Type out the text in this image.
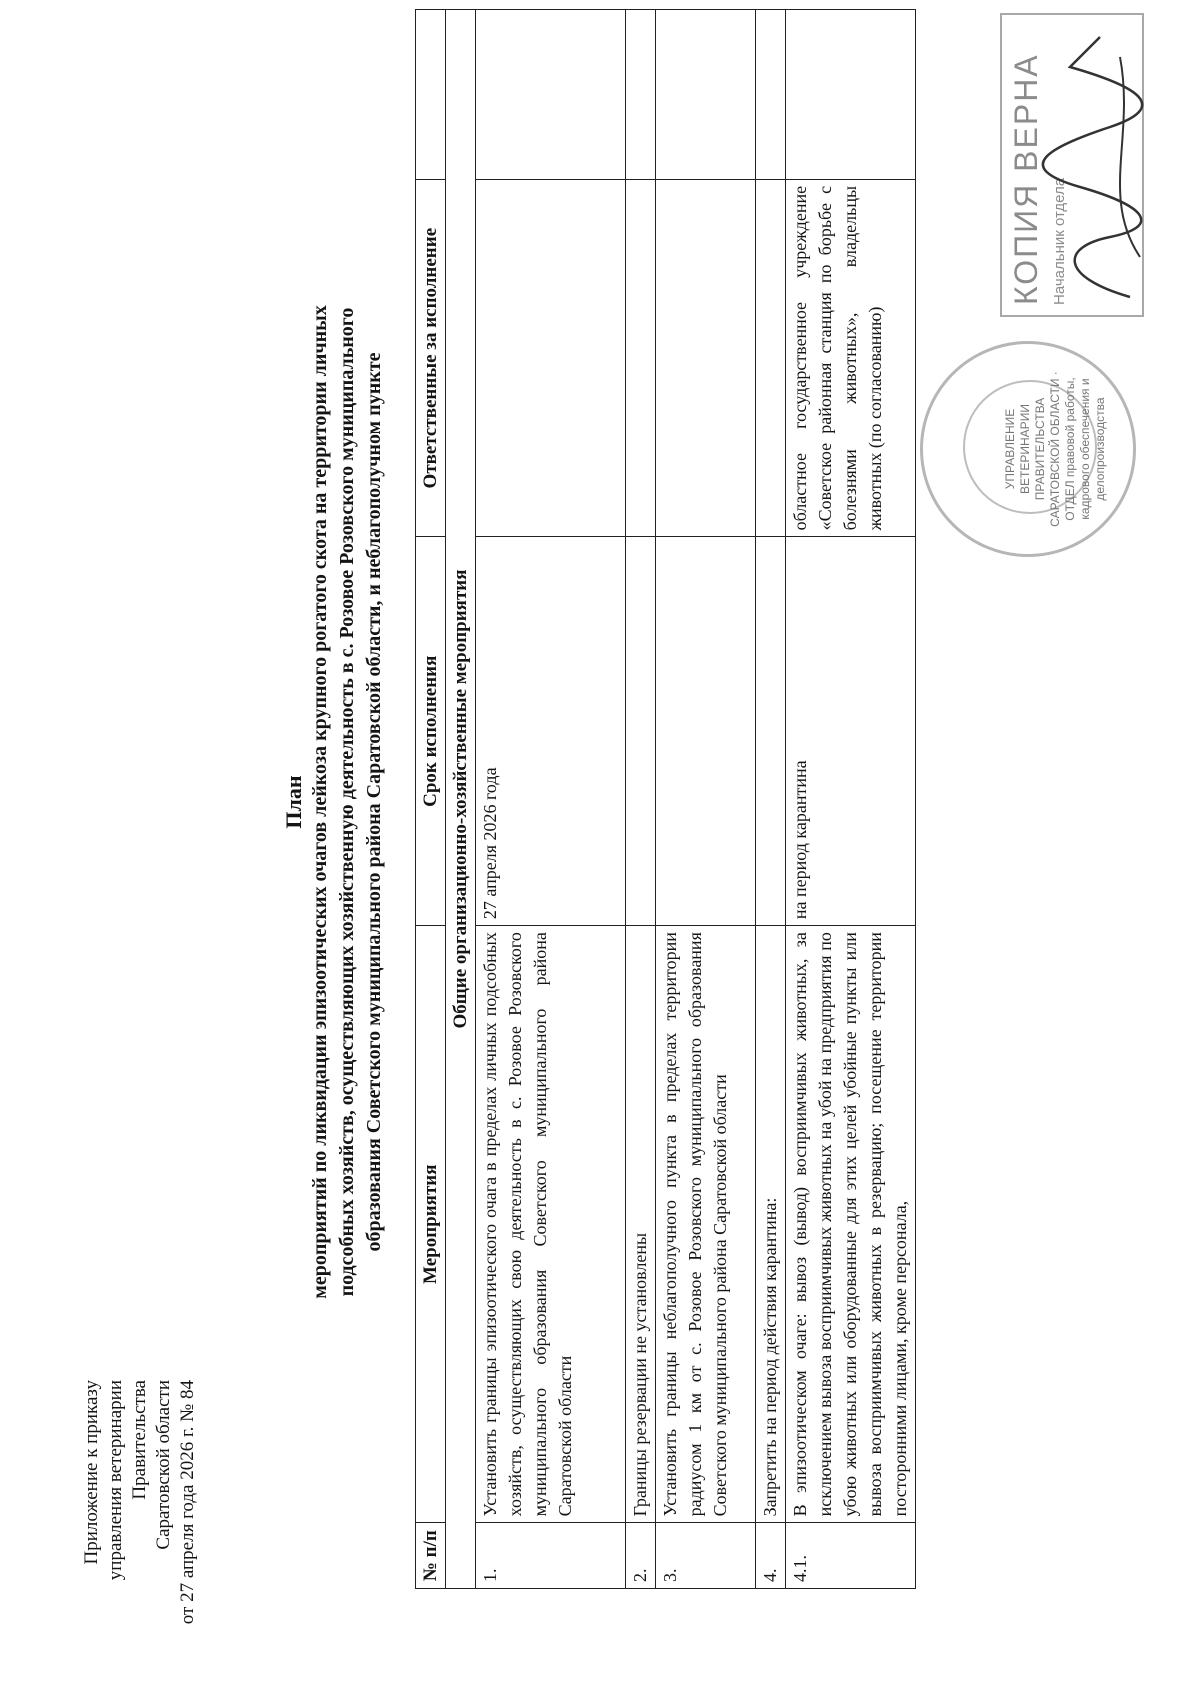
Приложение к приказу управления ветеринарии Правительства Саратовской области от 27 апреля года 2026 г. № 84
План мероприятий по ликвидации эпизоотических очагов лейкоза крупного рогатого скота на территории личных подсобных хозяйств, осуществляющих хозяйственную деятельность в с. Розовое Розовского муниципального образования Советского муниципального района Саратовской области, и неблагополучном пункте
№ п/п	Мероприятия	Срок исполнения	Ответственные за исполнение	
Общие организационно-хозяйственные мероприятия				
1.	Установить границы эпизоотического очага в пределах личных подсобных хозяйств, осуществляющих свою деятельность в с. Розовое Розовского муниципального образования Советского муниципального района Саратовской области	27 апреля 2026 года		
2.	Границы резервации не установлены			
3.	Установить границы неблагополучного пункта в пределах территории радиусом 1 км от с. Розовое Розовского муниципального образования Советского муниципального района Саратовской области			
4.	Запретить на период действия карантина:			
4.1.	В эпизоотическом очаге: вывоз (вывод) восприимчивых животных, за исключением вывоза восприимчивых животных на убой на предприятия по убою животных или оборудованные для этих целей убойные пункты или вывоза восприимчивых животных в резервацию; посещение территории посторонними лицами, кроме персонала,	на период карантина	областное государственное учреждение «Советское районная станция по борьбе с болезнями животных», владельцы животных (по согласованию)		УПРАВЛЕНИЕ ВЕТЕРИНАРИИ ПРАВИТЕЛЬСТВА САРАТОВСКОЙ ОБЛАСТИ · ОТДЕЛ правовой работы, кадрового обеспечения и делопроизводства
КОПИЯ ВЕРНА Начальник отдела
